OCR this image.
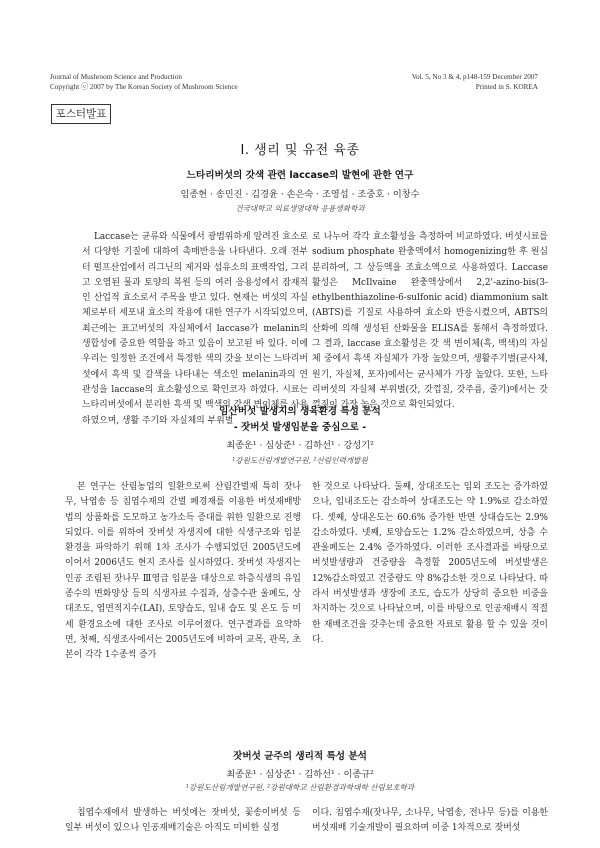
Journal of Mushroom Science and Production
Copyright ⓒ 2007 by The Korean Society of Mushroom Science
Vol. 5, No 3 & 4, p148-159 December 2007
Printed in S. KOREA
포스터발표
Ⅰ. 생리 및 유전 육종
느타리버섯의 갓색 관련 laccase의 발현에 관한 연구
임종현 · 송민진 · 김경윤 · 손은숙 · 조영섭 · 조중호 · 이창수
건국대학교 의료생명대학 응용생화학과

Laccase는 균류와 식물에서 광범위하게 알려진 효소로서 다양한 기질에 대하여 촉매반응을 나타낸다. 오래 전부터 펄프산업에서 리그닌의 제거와 섬유소의 표백작업, 그리고 오염된 물과 토양의 복원 등의 여러 응용성에서 잠재적인 산업적 효소로서 주목을 받고 있다. 현재는 버섯의 자실체로부터 세포내 효소의 작용에 대한 연구가 시작되었으며, 최근에는 표고버섯의 자실체에서 laccase가 melanin의 생합성에 중요한 역할을 하고 있음이 보고된 바 있다. 이에 우리는 일정한 조건에서 특정한 색의 갓을 보이는 느타리버섯에서 흑색 및 갈색을 나타내는 색소인 melanin과의 연관성을 laccase의 효소활성으로 확인코자 하였다. 시료는 느타리버섯에서 분리한 흑색 및 백색의 갓색 변이체를 사용하였으며, 생활 주기와 자실체의 부위별

로 나누어 각각 효소활성을 측정하여 비교하였다. 버섯시료를 sodium phosphate 완충액에서 homogenizing한 후 원심분리하여, 그 상등액을 조효소액으로 사용하였다. Laccase 활성은 McIlvaine 완충액상에서 2,2'-azino-bis(3-ethylbenthiazoline-6-sulfonic acid) diammonium salt (ABTS)를 기질로 사용하여 효소와 반응시켰으며, ABTS의 산화에 의해 생성된 산화물을 ELISA를 통해서 측정하였다. 그 결과, laccase 효소활성은 갓 색 변이체(흑, 백색)의 자실체 중에서 흑색 자실체가 가장 높았으며, 생활주기별(균사체, 원기, 자실체, 포자)에서는 균사체가 가장 높았다. 또한, 느타리버섯의 자실체 부위별(갓, 갓껍질, 갓주름, 줄기)에서는 갓 껍질이 가장 높은 것으로 확인되었다.

임산버섯 발생지의 생육환경 특성 분석
- 잣버섯 발생임분을 중심으로 -
최종운¹ · 심상준¹ · 김하선¹ · 강성기²
¹강원도산림개발연구원, ²산림인력개발원

본 연구는 산림농업의 일환으로써 산림간벌재 특히 잣나무, 낙엽송 등 침엽수재의 간벌 폐경재를 이용한 버섯재배방법의 상품화를 도모하고 농가소득 증대를 위한 일환으로 진행되었다. 이를 위하여 잣버섯 자생지에 대한 식생구조와 임분환경을 파악하기 위해 1차 조사가 수행되었던 2005년도에 이어서 2006년도 현지 조사를 실시하였다. 잣버섯 자생지는 인공 조림된 잣나무 Ⅲ영급 임분을 대상으로 하층식생의 유입 종수의 변화양상 등의 식생자료 수집과, 상층수관 울폐도, 상대조도, 엽면적지수(LAI), 토양습도, 임내 습도 및 온도 등 미세 환경요소에 대한 조사로 이루어졌다. 연구결과를 요약하면, 첫째, 식생조사에서는 2005년도에 비하여 교목, 관목, 초본이 각각 1수종씩 증가

한 것으로 나타났다. 둘째, 상대조도는 임외 조도는 증가하였으나, 임내조도는 감소하여 상대조도는 약 1.9%로 감소하였다. 셋째, 상대온도는 60.6% 증가한 반면 상대습도는 2.9% 감소하였다. 넷째, 토양습도는 1.2% 감소하였으며, 상층 수관울폐도는 2.4% 증가하였다. 이러한 조사결과를 바탕으로 버섯발생량과 건중량을 측정할 2005년도에 버섯발생은 12%감소하였고 건중량도 약 8%감소한 것으로 나타났다. 따라서 버섯발생과 생장에 조도, 습도가 상당히 중요한 비중을 차지하는 것으로 나타났으며, 이를 바탕으로 인공재배시 적절한 재배조건을 갖추는데 중요한 자료로 활용 할 수 있을 것이다.

잣버섯 균주의 생리적 특성 분석
최종운¹ · 심상준¹ · 김하선¹ · 이종규²
¹강원도산림개발연구원, ²강원대학교 산림환경과학대학 산림보호학과

침엽수재에서 발생하는 버섯에는 잣버섯, 꽃송이버섯 등 일부 버섯이 있으나 인공재배기술은 아직도 미비한 실정

이다. 침엽수재(잣나무, 소나무, 낙엽송, 전나무 등)를 이용한 버섯재배 기술개발이 필요하며 이중 1차적으로 잣버섯
